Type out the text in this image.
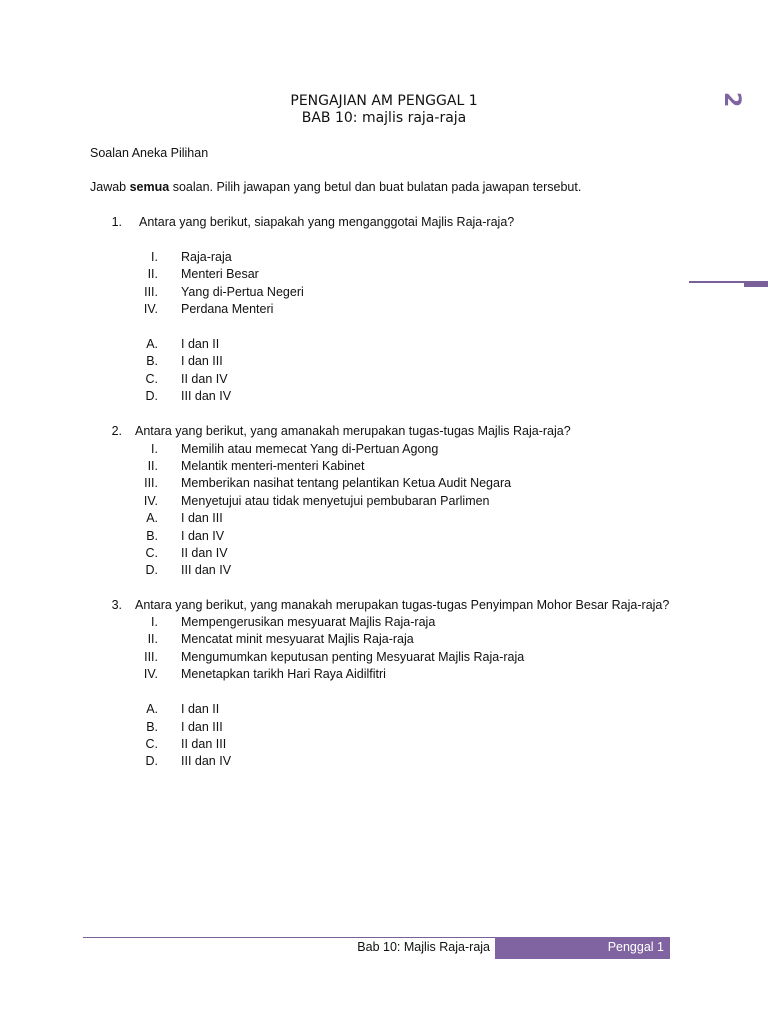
2
PENGAJIAN AM PENGGAL 1
BAB 10: majlis raja-raja
Soalan Aneka Pilihan
Jawab semua soalan. Pilih jawapan yang betul dan buat bulatan pada jawapan tersebut.
1. Antara yang berikut, siapakah yang menganggotai Majlis Raja-raja?
I. Raja-raja
II. Menteri Besar
III. Yang di-Pertua Negeri
IV. Perdana Menteri
A. I dan II
B. I dan III
C. II dan IV
D. III dan IV
2. Antara yang berikut, yang amanakah merupakan tugas-tugas Majlis Raja-raja?
I. Memilih atau memecat Yang di-Pertuan Agong
II. Melantik menteri-menteri Kabinet
III. Memberikan nasihat tentang pelantikan Ketua Audit Negara
IV. Menyetujui atau tidak menyetujui pembubaran Parlimen
A. I dan III
B. I dan IV
C. II dan IV
D. III dan IV
3. Antara yang berikut, yang manakah merupakan tugas-tugas Penyimpan Mohor Besar Raja-raja?
I. Mempengerusikan mesyuarat Majlis Raja-raja
II. Mencatat minit mesyuarat Majlis Raja-raja
III. Mengumumkan keputusan penting Mesyuarat Majlis Raja-raja
IV. Menetapkan tarikh Hari Raya Aidilfitri
A. I dan II
B. I dan III
C. II dan III
D. III dan IV
Bab 10: Majlis Raja-raja	Penggal 1
